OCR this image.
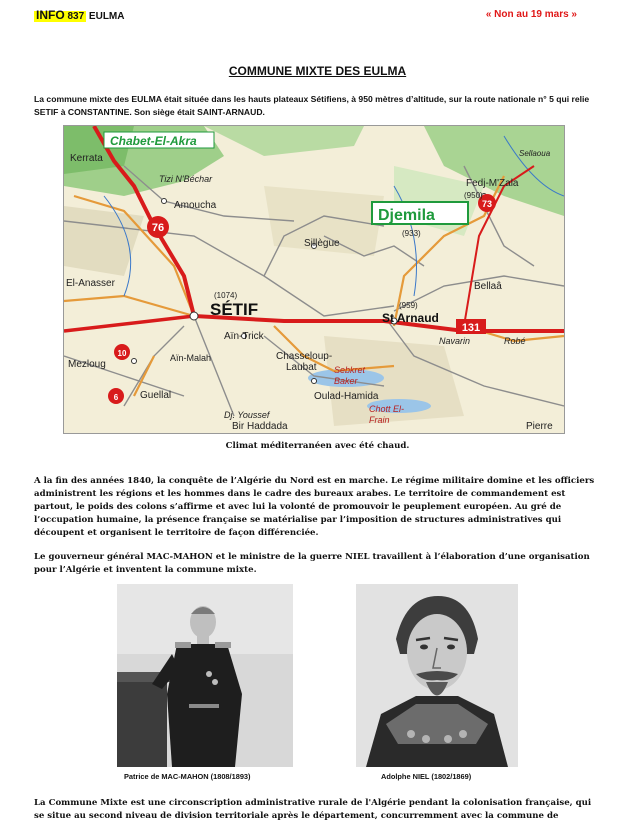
INFO 837 EULMA	« Non au 19 mars »
COMMUNE MIXTE DES EULMA
La commune mixte des EULMA était située dans les hauts plateaux Sétifiens, à 950 mètres d’altitude, sur la route nationale n° 5 qui relie SETIF à CONSTANTINE. Son siège était SAINT-ARNAUD.
76
131
73
10
6
Chabet-El-Akra
Kerrata
Tizi N'Béchar
Amoucha
Fedj-M'Zala
(950)
Sellaoua
Djemila
(933)
Sillègue
SÉTIF
(1074)
El-Anasser	Bellaâ
(959)
St Arnaud
Navarin	Robé
Aïn-Trick
Chasseloup-
Laubat
Aïn-Malah
Mezloug	Sebkret
Baker
Guellal	Oulad-Hamida
Chott El-
Frain
Dj. Youssef
Bir Haddada	Pierre
Climat méditerranéen avec été chaud.
A la fin des années 1840, la conquête de l’Algérie du Nord est en marche. Le régime militaire domine et les officiers administrent les régions et les hommes dans le cadre des bureaux arabes. Le territoire de commandement est partout, le poids des colons s’affirme et avec lui la volonté de promouvoir le peuplement européen. Au gré de l’occupation humaine, la présence française se matérialise par l’imposition de structures administratives qui découpent et organisent le territoire de façon différenciée.
Le gouverneur général MAC-MAHON et le ministre de la guerre NIEL travaillent à l’élaboration d’une organisation pour l’Algérie et inventent la commune mixte.
Patrice de MAC-MAHON (1808/1893)	Adolphe NIEL (1802/1869)
La Commune Mixte est une circonscription administrative rurale de l'Algérie pendant la colonisation française, qui se situe au second niveau de division territoriale après le département, concurremment avec la commune de
